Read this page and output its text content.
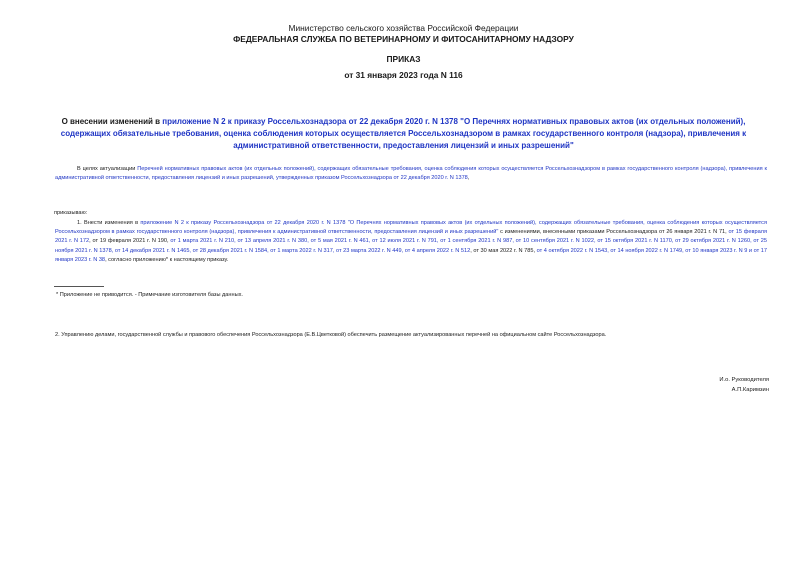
Министерство сельского хозяйства Российской Федерации
ФЕДЕРАЛЬНАЯ СЛУЖБА ПО ВЕТЕРИНАРНОМУ И ФИТОСАНИТАРНОМУ НАДЗОРУ
ПРИКАЗ
от 31 января 2023 года N 116
О внесении изменений в приложение N 2 к приказу Россельхознадзора от 22 декабря 2020 г. N 1378 "О Перечнях нормативных правовых актов (их отдельных положений), содержащих обязательные требования, оценка соблюдения которых осуществляется Россельхознадзором в рамках государственного контроля (надзора), привлечения к административной ответственности, предоставления лицензий и иных разрешений"
В целях актуализации Перечней нормативных правовых актов (их отдельных положений), содержащих обязательные требования, оценка соблюдения которых осуществляется Россельхознадзором в рамках государственного контроля (надзора), привлечения к административной ответственности, предоставления лицензий и иных разрешений, утвержденных приказом Россельхознадзора от 22 декабря 2020 г. N 1378,
приказываю:
1. Внести изменения в приложение N 2 к приказу Россельхознадзора от 22 декабря 2020 г. N 1378 "О Перечнях нормативных правовых актов (их отдельных положений), содержащих обязательные требования, оценка соблюдения которых осуществляется Россельхознадзором в рамках государственного контроля (надзора), привлечения к административной ответственности, предоставления лицензий и иных разрешений" с изменениями, внесенными приказами Россельхознадзора от 26 января 2021 г. N 71, от 15 февраля 2021 г. N 172, от 19 февраля 2021 г. N 190, от 1 марта 2021 г. N 210, от 13 апреля 2021 г. N 380, от 5 мая 2021 г. N 461, от 12 июля 2021 г. N 791, от 1 сентября 2021 г. N 987, от 10 сентября 2021 г. N 1022, от 15 октября 2021 г. N 1170, от 29 октября 2021 г. N 1260, от 25 ноября 2021 г. N 1378, от 14 декабря 2021 г. N 1465, от 28 декабря 2021 г. N 1584, от 1 марта 2022 г. N 317, от 23 марта 2022 г. N 449, от 4 апреля 2022 г. N 512, от 30 мая 2022 г. N 785, от 4 октября 2022 г. N 1543, от 14 ноября 2022 г. N 1749, от 10 января 2023 г. N 9 и от 17 января 2023 г. N 38, согласно приложению* к настоящему приказу.
* Приложение не приводится. - Примечание изготовителя базы данных.
2. Управлению делами, государственной службы и правового обеспечения Россельхознадзора (Е.В.Цветковой) обеспечить размещение актуализированных перечней на официальном сайте Россельхознадзора.
И.о. Руководителя
А.П.Каримзин
